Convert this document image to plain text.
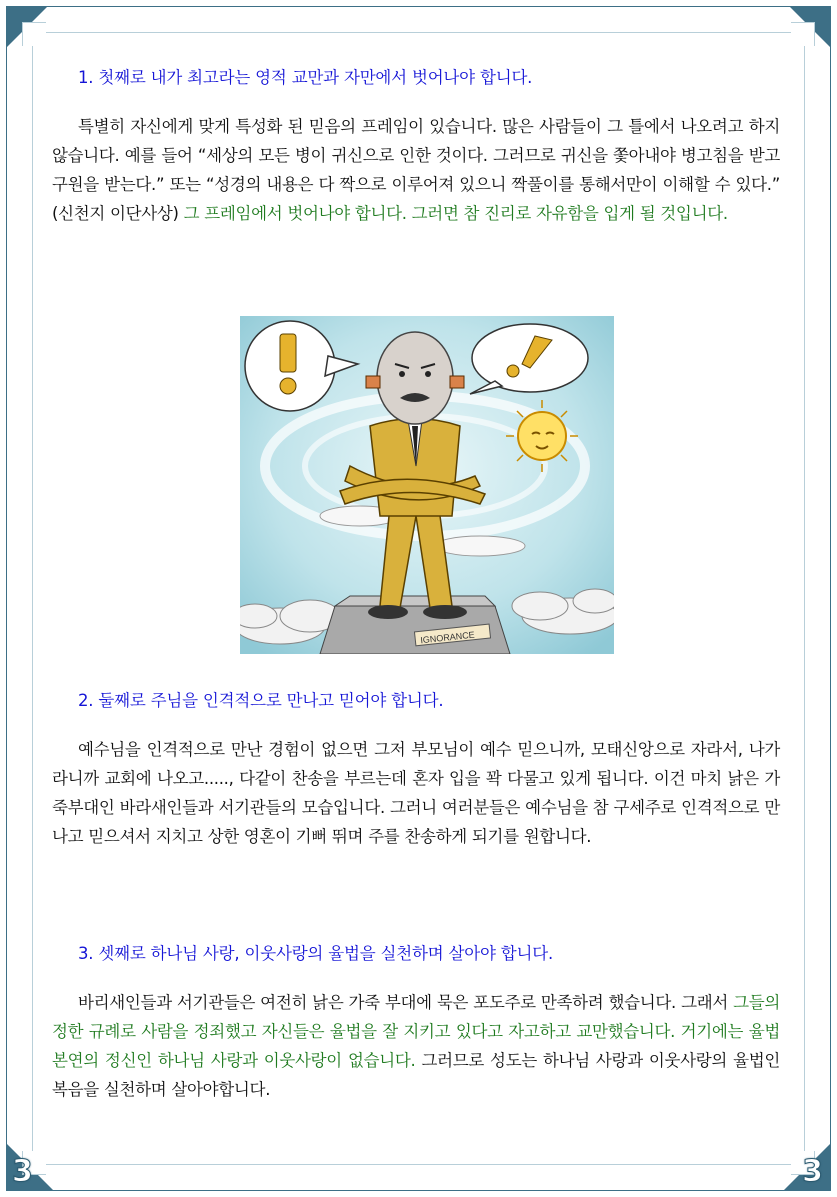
3	3
1. 첫째로 내가 최고라는 영적 교만과 자만에서 벗어나야 합니다.
특별히 자신에게 맞게 특성화 된 믿음의 프레임이 있습니다. 많은 사람들이 그 틀에서 나오려고 하지 않습니다. 예를 들어 “세상의 모든 병이 귀신으로 인한 것이다. 그러므로 귀신을 쫓아내야 병고침을 받고 구원을 받는다.” 또는 “성경의 내용은 다 짝으로 이루어져 있으니 짝풀이를 통해서만이 이해할 수 있다.” (신천지 이단사상) 그 프레임에서 벗어나야 합니다. 그러면 참 진리로 자유함을 입게 될 것입니다.
IGNORANCE
2. 둘째로 주님을 인격적으로 만나고 믿어야 합니다.
예수님을 인격적으로 만난 경험이 없으면 그저 부모님이 예수 믿으니까, 모태신앙으로 자라서, 나가라니까 교회에 나오고....., 다같이 찬송을 부르는데 혼자 입을 꽉 다물고 있게 됩니다. 이건 마치 낡은 가죽부대인 바라새인들과 서기관들의 모습입니다. 그러니 여러분들은 예수님을 참 구세주로 인격적으로 만나고 믿으셔서 지치고 상한 영혼이 기뻐 뛰며 주를 찬송하게 되기를 원합니다.
3. 셋째로 하나님 사랑, 이웃사랑의 율법을 실천하며 살아야 합니다.
바리새인들과 서기관들은 여전히 낡은 가죽 부대에 묵은 포도주로 만족하려 했습니다. 그래서 그들의 정한 규례로 사람을 정죄했고 자신들은 율법을 잘 지키고 있다고 자고하고 교만했습니다. 거기에는 율법 본연의 정신인 하나님 사랑과 이웃사랑이 없습니다. 그러므로 성도는 하나님 사랑과 이웃사랑의 율법인 복음을 실천하며 살아야합니다.
